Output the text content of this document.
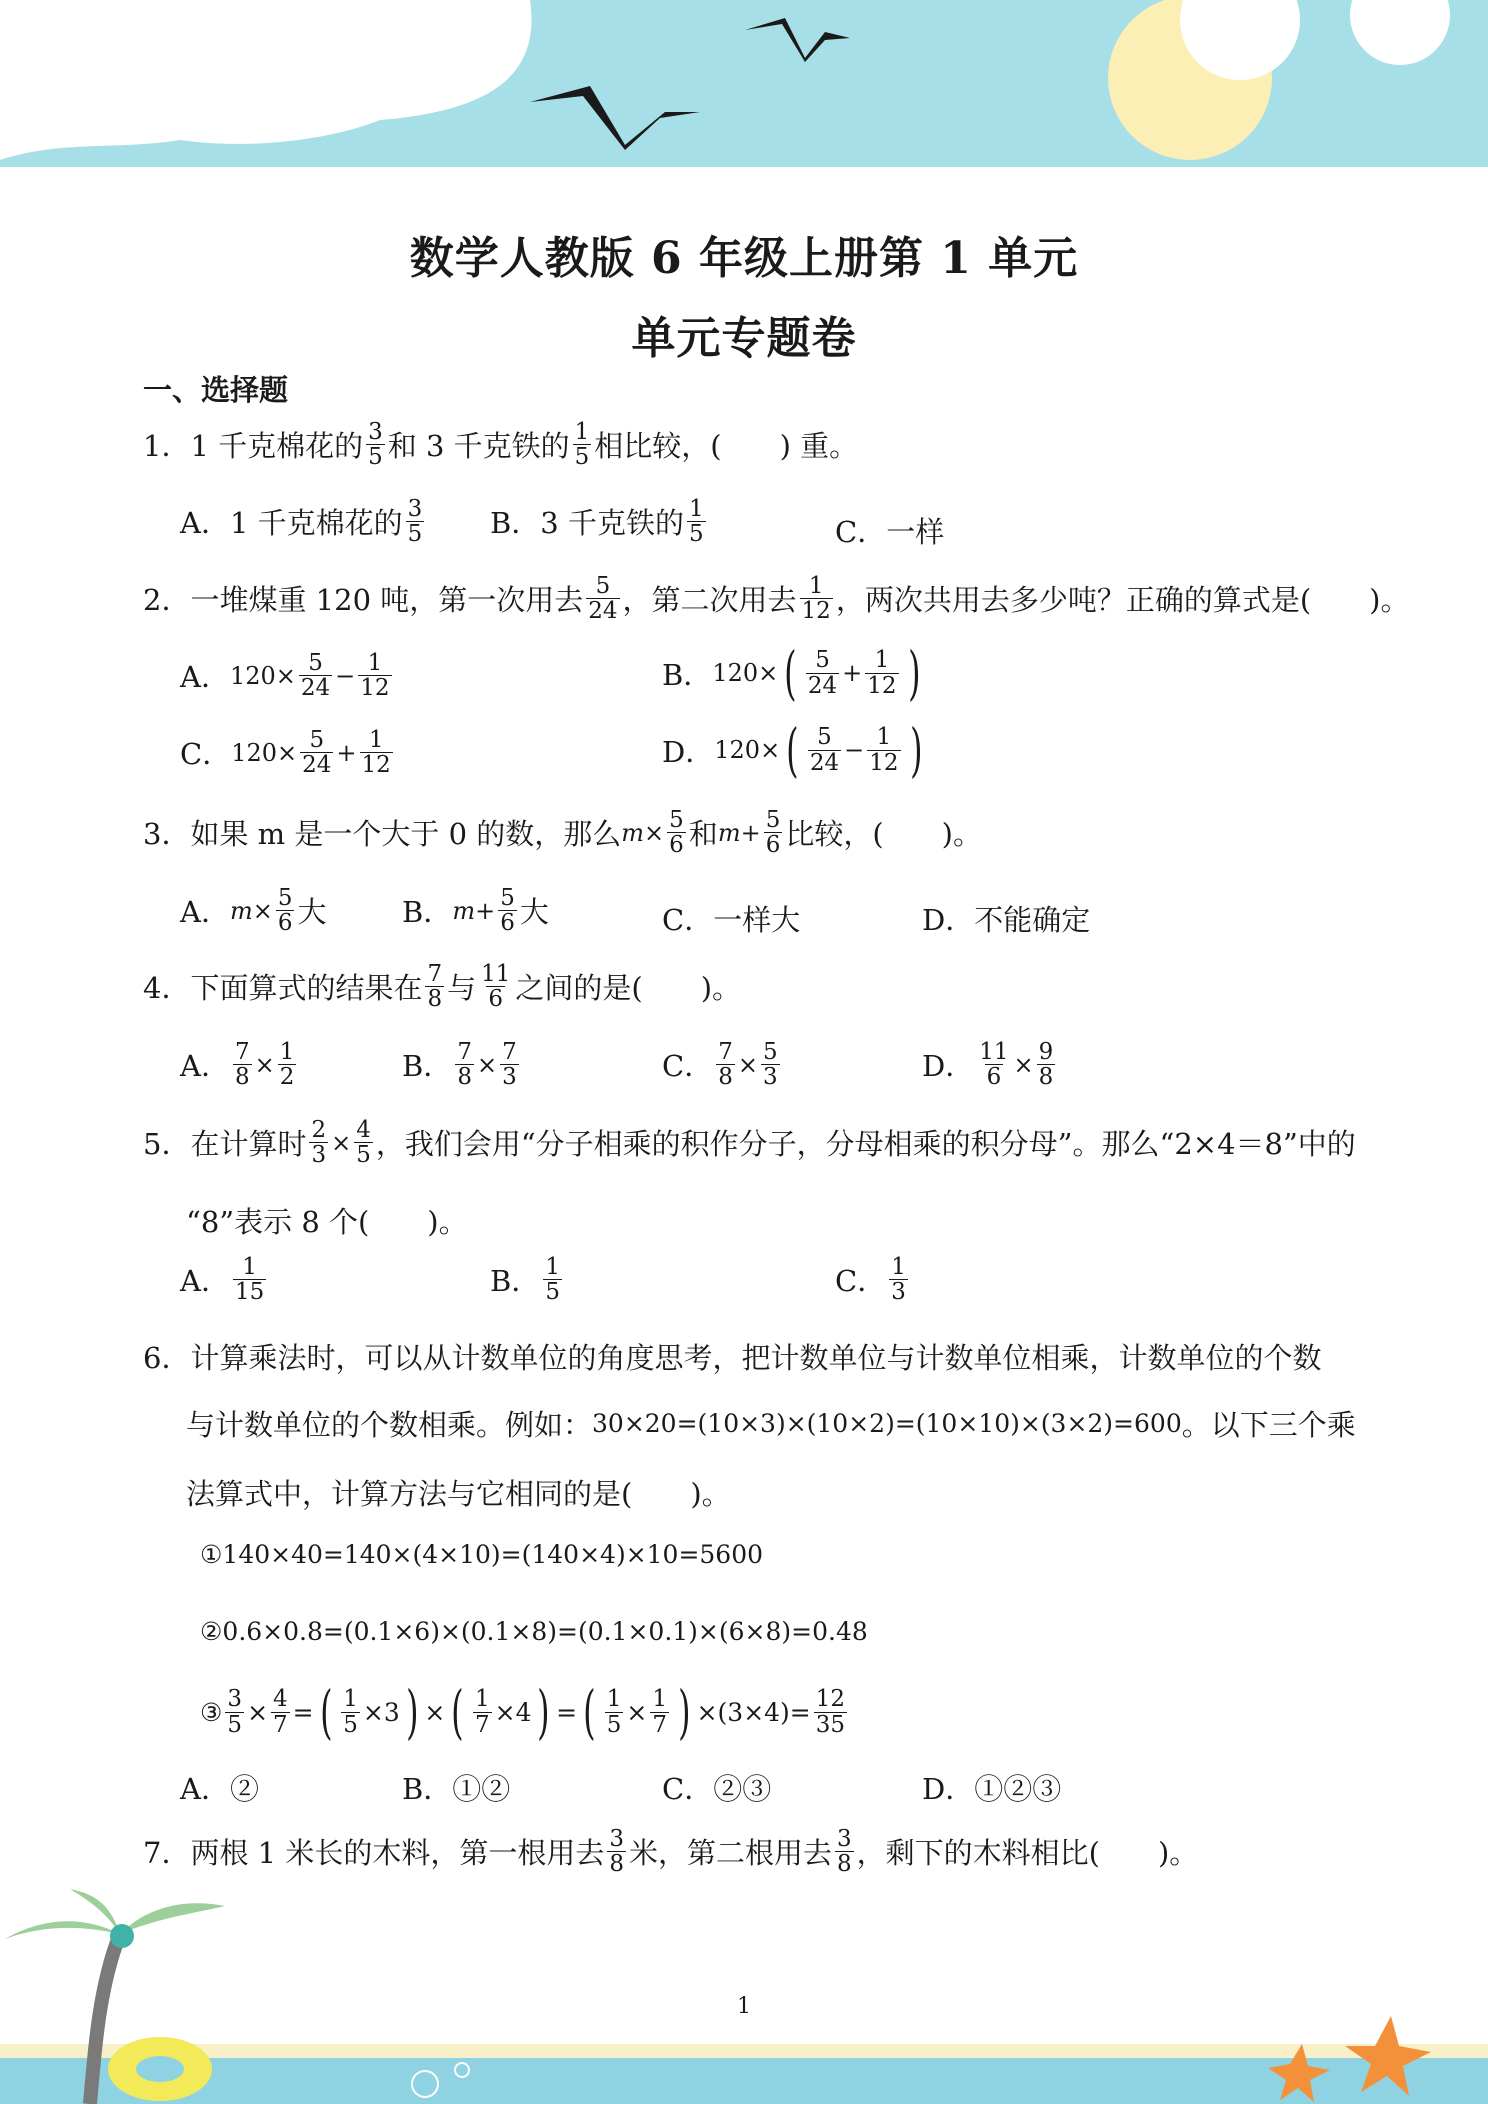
数学人教版 6 年级上册第 1 单元
单元专题卷
一、选择题
1．1 千克棉花的 $\frac{3}{5}$ 和 3 千克铁的 $\frac{1}{5}$ 相比较，(　　) 重。
A．1 千克棉花的 $\frac{3}{5}$ B．3 千克铁的 $\frac{1}{5}$	C．一样
2．一堆煤重 120 吨，第一次用去 $\frac{5}{24}$ ，第二次用去 $\frac{1}{12}$ ，两次共用去多少吨？正确的算式是(　　)。
A． $120\times \frac{5}{24} - \frac{1}{12}$	B． 120× ( $\frac{5}{24} + \frac{1}{12}$ )
C． $120\times \frac{5}{24} + \frac{1}{12}$	D． 120× ( $\frac{5}{24} - \frac{1}{12}$ )
3．如果 m 是一个大于 0 的数，那么 $m \times \frac{5}{6}$ 和 $m + \frac{5}{6}$ 比较，(　　)。
A． $m \times \frac{5}{6}$ 大	B． $m + \frac{5}{6}$ 大	C．一样大	D．不能确定
4．下面算式的结果在 $\frac{7}{8}$ 与 $\frac{11}{6}$ 之间的是(　　)。
A． $\frac{7}{8} \times \frac{1}{2}$	B． $\frac{7}{8} \times \frac{7}{3}$	C． $\frac{7}{8} \times \frac{5}{3}$	D． $\frac{11}{6} \times \frac{9}{8}$
5．在计算时 $\frac{2}{3} \times \frac{4}{5}$ ，我们会用“分子相乘的积作分子，分母相乘的积分母”。那么“2×4＝8”中的
“8”表示 8 个(　　)。
A． $\frac{1}{15}$	B． $\frac{1}{5}$	C． $\frac{1}{3}$
6．计算乘法时，可以从计数单位的角度思考，把计数单位与计数单位相乘，计数单位的个数
与计数单位的个数相乘。例如： 30×20=(10×3)×(10×2)=(10×10)×(3×2)=600 。以下三个乘
法算式中，计算方法与它相同的是(　　)。
①140×40=140×(4×10)=(140×4)×10=5600
②0.6×0.8=(0.1×6)×(0.1×8)=(0.1×0.1)×(6×8)=0.48
③ $\frac{3}{5} \times \frac{4}{7}$ = ( $\frac{1}{5} \times 3$ ) × ( $\frac{1}{7} \times 4$ ) = ( $\frac{1}{5} \times \frac{1}{7}$ ) $\times(3\times 4)= \frac{12}{35}$
A．②	B．①②	C．②③	D．①②③
7．两根 1 米长的木料，第一根用去 $\frac{3}{8}$ 米，第二根用去 $\frac{3}{8}$ ，剩下的木料相比(　　)。
1
